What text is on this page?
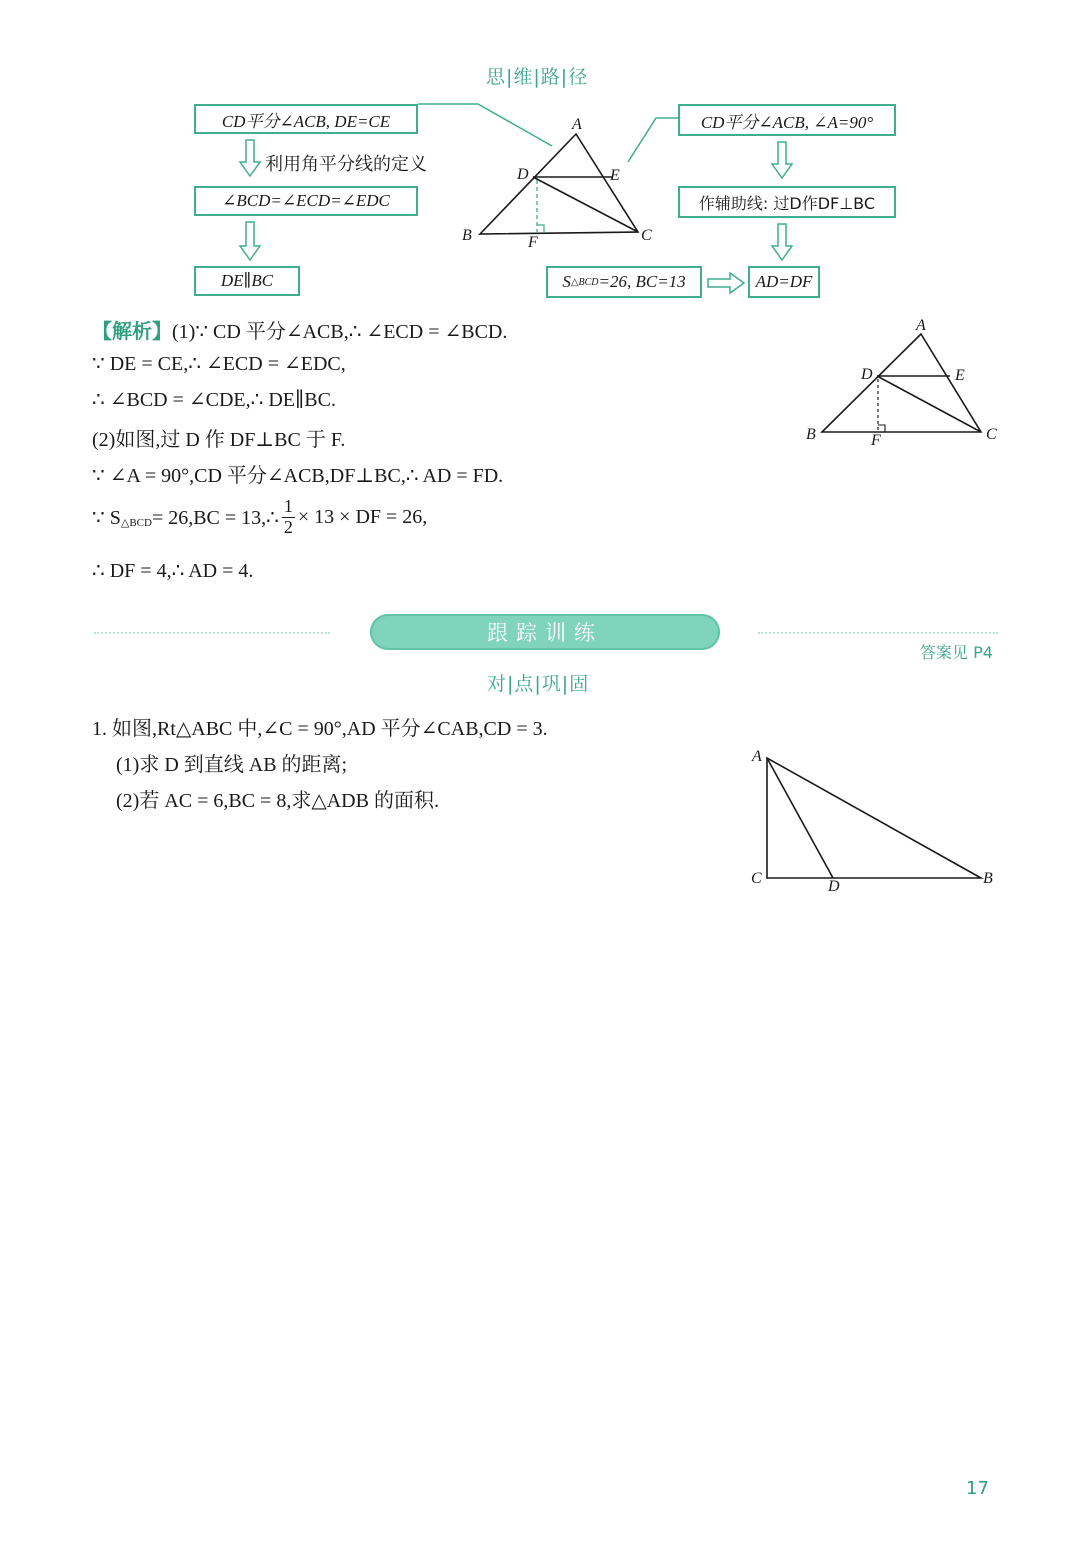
思|维|路|径
CD平分∠ACB, DE=CE
利用角平分线的定义
∠BCD=∠ECD=∠EDC
DE∥BC
CD平分∠ACB, ∠A=90°
作辅助线: 过D作DF⊥BC
S △BCD =26, BC=13	AD=DF
A
D	E
B	F	C
【解析】(1)∵ CD 平分∠ACB,∴ ∠ECD = ∠BCD.
∵ DE = CE,∴ ∠ECD = ∠EDC,
∴ ∠BCD = ∠CDE,∴ DE∥BC.
(2)如图,过 D 作 DF⊥BC 于 F.
∵ ∠A = 90°,CD 平分∠ACB,DF⊥BC,∴ AD = FD.
∵ $S_{\triangle BCD} = 26,BC$ = 13,∴ $\frac{1}{2} \times 13$ × DF = 26,
∴ DF = 4,∴ AD = 4.
A
D	E
B	F	C
跟踪训练
答案见 P4
对|点|巩|固
1. 如图,Rt△ABC 中,∠C = 90°,AD 平分∠CAB,CD = 3.
(1)求 D 到直线 AB 的距离;
(2)若 AC = 6,BC = 8,求△ADB 的面积.
A
C	D	B
17
